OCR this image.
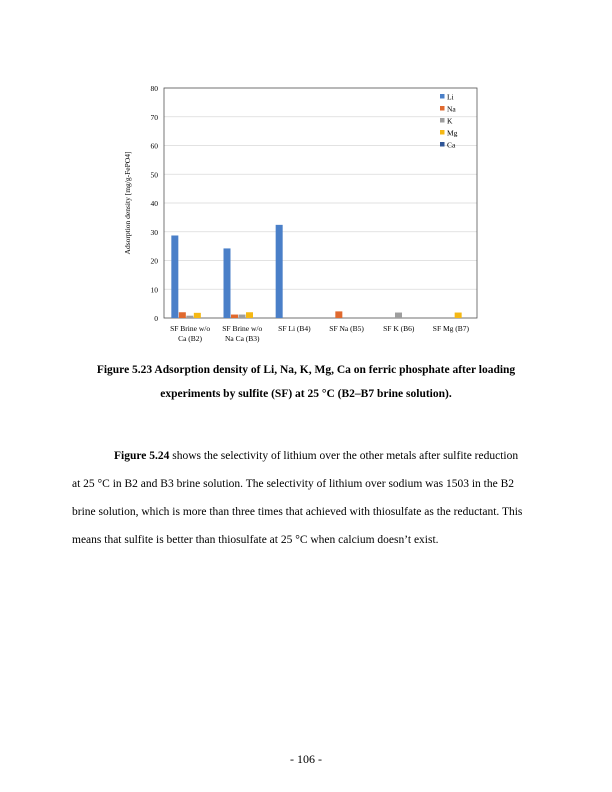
0
10
20
30
40
50
60
70
80
Adsorption density [mg/g-FePO4]
SF Brine w/o
Ca (B2)
SF Brine w/o
Na Ca (B3)
SF Li (B4) SF Na (B5)	SF K (B6) SF Mg (B7)
Li
Na
K
Mg
Ca
Figure 5.23 Adsorption density of Li, Na, K, Mg, Ca on ferric phosphate after loading
experiments by sulfite (SF) at 25 °C (B2–B7 brine solution).
Figure 5.24 shows the selectivity of lithium over the other metals after sulfite reduction
at 25 °C in B2 and B3 brine solution. The selectivity of lithium over sodium was 1503 in the B2
brine solution, which is more than three times that achieved with thiosulfate as the reductant. This
means that sulfite is better than thiosulfate at 25 °C when calcium doesn’t exist.
- 106 -
